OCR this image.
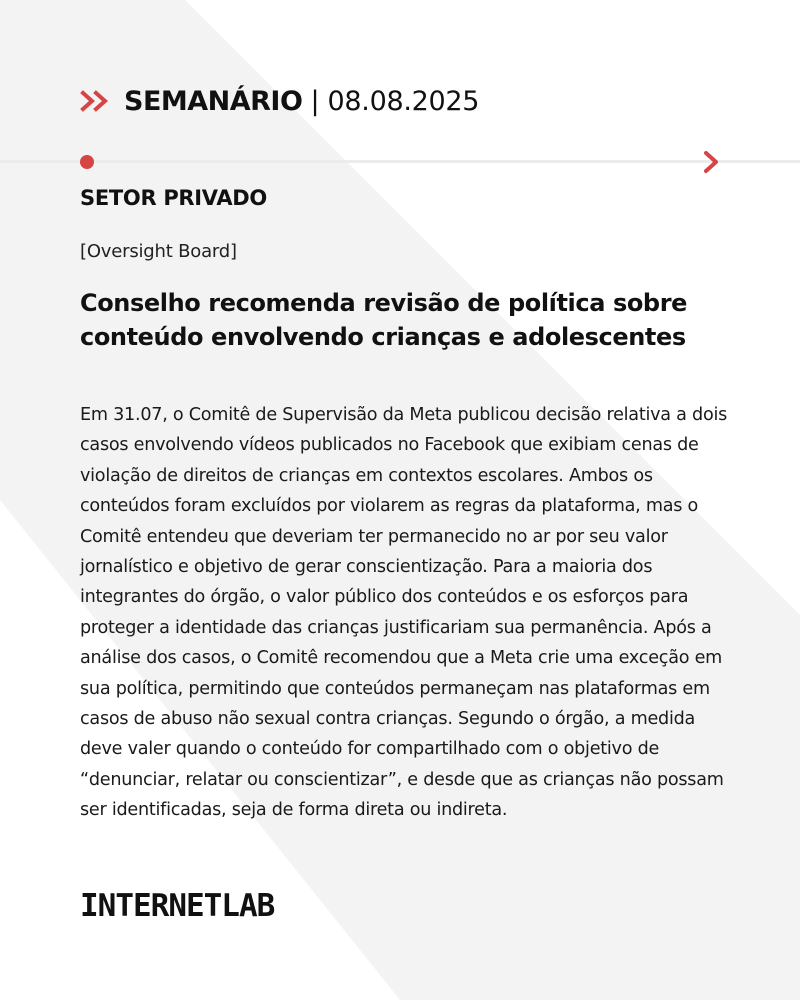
SEMANÁRIO | 08.08.2025
SETOR PRIVADO
[Oversight Board]
Conselho recomenda revisão de política sobre conteúdo envolvendo crianças e adolescentes
Em 31.07, o Comitê de Supervisão da Meta publicou decisão relativa a dois casos envolvendo vídeos publicados no Facebook que exibiam cenas de violação de direitos de crianças em contextos escolares. Ambos os conteúdos foram excluídos por violarem as regras da plataforma, mas o Comitê entendeu que deveriam ter permanecido no ar por seu valor jornalístico e objetivo de gerar conscientização. Para a maioria dos integrantes do órgão, o valor público dos conteúdos e os esforços para proteger a identidade das crianças justificariam sua permanência. Após a análise dos casos, o Comitê recomendou que a Meta crie uma exceção em sua política, permitindo que conteúdos permaneçam nas plataformas em casos de abuso não sexual contra crianças. Segundo o órgão, a medida deve valer quando o conteúdo for compartilhado com o objetivo de “denunciar, relatar ou conscientizar”, e desde que as crianças não possam ser identificadas, seja de forma direta ou indireta.
INTERNETLAB
